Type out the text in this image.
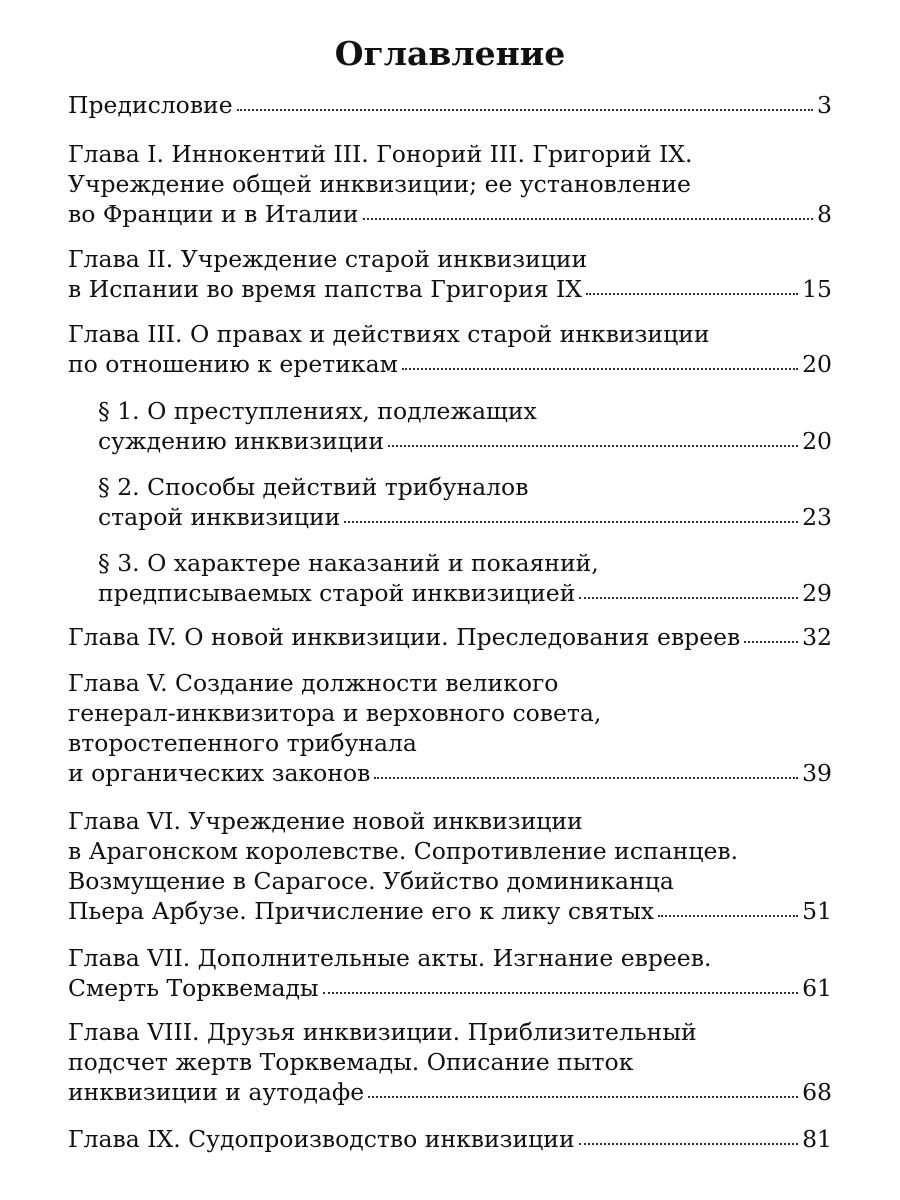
Оглавление
Предисловие	3
Глава I. Иннокентий III. Гонорий III. Григорий IX.
Учреждение общей инквизиции; ее установление
во Франции и в Италии	8
Глава II. Учреждение старой инквизиции
в Испании во время папства Григория IX	15
Глава III. О правах и действиях старой инквизиции
по отношению к еретикам	20
§ 1. О преступлениях, подлежащих
суждению инквизиции	20
§ 2. Способы действий трибуналов
старой инквизиции	23
§ 3. О характере наказаний и покаяний,
предписываемых старой инквизицией	29
Глава IV. О новой инквизиции. Преследования евреев	32
Глава V. Создание должности великого
генерал-инквизитора и верховного совета,
второстепенного трибунала
и органических законов	39
Глава VI. Учреждение новой инквизиции
в Арагонском королевстве. Сопротивление испанцев.
Возмущение в Сарагосе. Убийство доминиканца
Пьера Арбузе. Причисление его к лику святых	51
Глава VII. Дополнительные акты. Изгнание евреев.
Смерть Торквемады	61
Глава VIII. Друзья инквизиции. Приблизительный
подсчет жертв Торквемады. Описание пыток
инквизиции и аутодафе	68
Глава IX. Судопроизводство инквизиции	81
